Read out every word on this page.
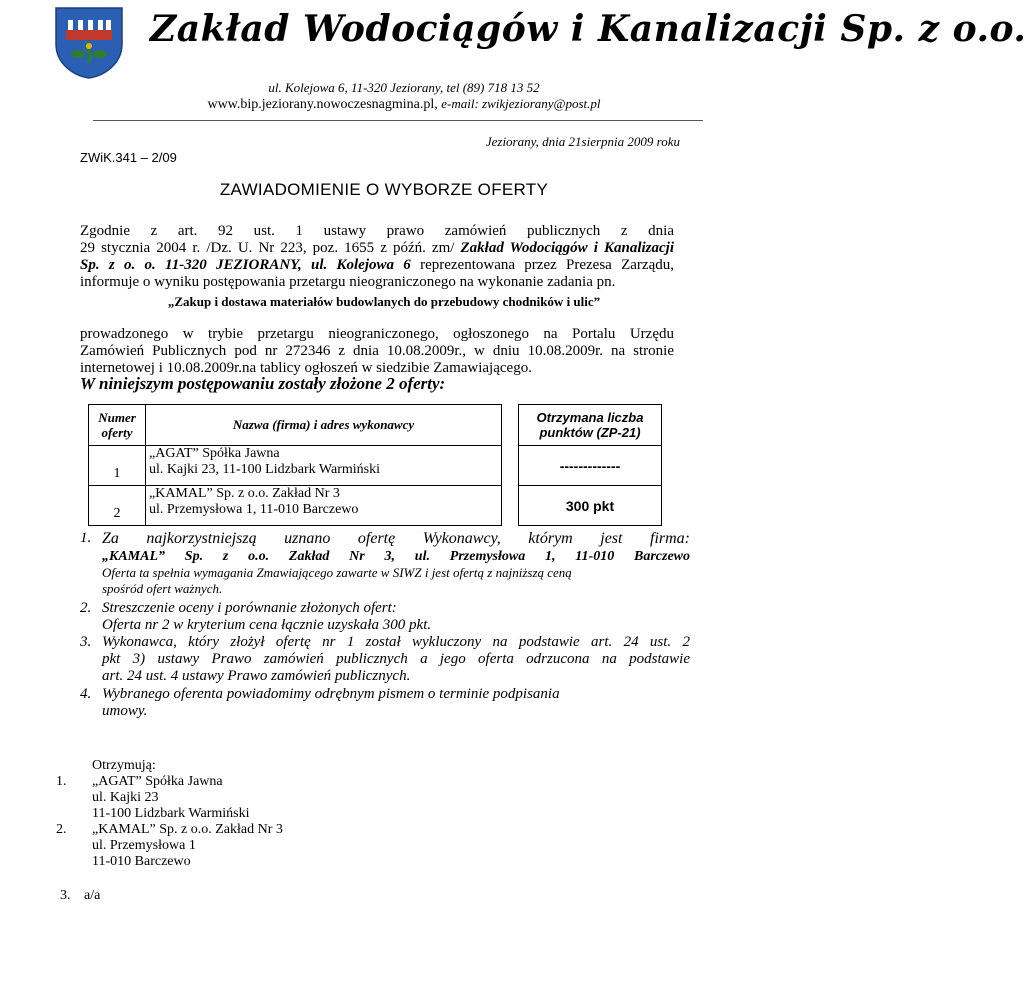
Zakład Wodociągów i Kanalizacji Sp. z o.o.
ul. Kolejowa 6, 11-320 Jeziorany, tel (89) 718 13 52
www.bip.jeziorany.nowoczesnagmina.pl, e-mail: zwikjeziorany@post.pl
Jeziorany, dnia 21sierpnia 2009 roku
ZWiK.341 – 2/09
ZAWIADOMIENIE O WYBORZE OFERTY
Zgodnie z art. 92 ust. 1 ustawy prawo zamówień publicznych z dnia
29 stycznia 2004 r. /Dz. U. Nr 223, poz. 1655 z późń. zm/ Zakład Wodociągów i Kanalizacji
Sp. z o. o. 11-320 JEZIORANY, ul. Kolejowa 6 reprezentowana przez Prezesa Zarządu,
informuje o wyniku postępowania przetargu nieograniczonego na wykonanie zadania pn.
„Zakup i dostawa materiałów budowlanych do przebudowy chodników i ulic”
prowadzonego w trybie przetargu nieograniczonego, ogłoszonego na Portalu Urzędu
Zamówień Publicznych pod nr 272346 z dnia 10.08.2009r., w dniu 10.08.2009r. na stronie
internetowej i 10.08.2009r.na tablicy ogłoszeń w siedzibie Zamawiającego.
W niniejszym postępowaniu zostały złożone 2 oferty:
Numer
oferty	Nazwa (firma) i adres wykonawcy		Otrzymana liczba
punktów (ZP-21)
1	„AGAT” Spółka Jawna
ul. Kajki 23, 11-100 Lidzbark Warmiński		-------------
2	„KAMAL” Sp. z o.o. Zakład Nr 3
ul. Przemysłowa 1, 11-010 Barczewo		300 pkt
1. Za najkorzystniejszą uznano ofertę Wykonawcy, którym jest firma:
„KAMAL” Sp. z o.o. Zakład Nr 3, ul. Przemysłowa 1, 11-010 Barczewo
Oferta ta spełnia wymagania Zmawiającego zawarte w SIWZ i jest ofertą z najniższą ceną
spośród ofert ważnych.
2. Streszczenie oceny i porównanie złożonych ofert:
Oferta nr 2 w kryterium cena łącznie uzyskała 300 pkt.
3. Wykonawca, który złożył ofertę nr 1 został wykluczony na podstawie art. 24 ust. 2
pkt 3) ustawy Prawo zamówień publicznych a jego oferta odrzucona na podstawie
art. 24 ust. 4 ustawy Prawo zamówień publicznych.
4. Wybranego oferenta powiadomimy odrębnym pismem o terminie podpisania
umowy.
Otrzymują:
1. „AGAT” Spółka Jawna
ul. Kajki 23
11-100 Lidzbark Warmiński
2. „KAMAL” Sp. z o.o. Zakład Nr 3
ul. Przemysłowa 1
11-010 Barczewo
3. a/a
